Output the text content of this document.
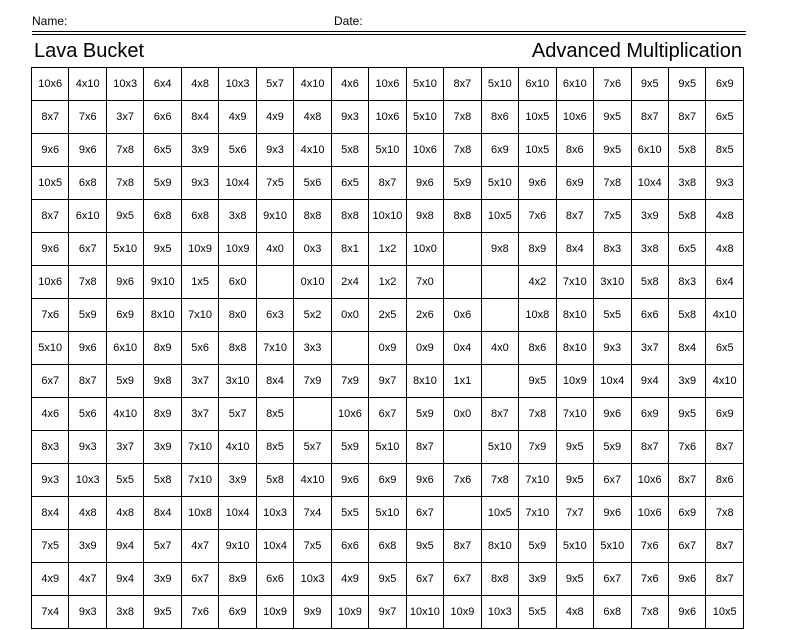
Name:	Date:
Lava Bucket	Advanced Multiplication
10x6	4x10	10x3	6x4	4x8	10x3	5x7	4x10	4x6	10x6	5x10	8x7	5x10	6x10	6x10	7x6	9x5	9x5	6x9
8x7	7x6	3x7	6x6	8x4	4x9	4x9	4x8	9x3	10x6	5x10	7x8	8x6	10x5	10x6	9x5	8x7	8x7	6x5
9x6	9x6	7x8	6x5	3x9	5x6	9x3	4x10	5x8	5x10	10x6	7x8	6x9	10x5	8x6	9x5	6x10	5x8	8x5
10x5	6x8	7x8	5x9	9x3	10x4	7x5	5x6	6x5	8x7	9x6	5x9	5x10	9x6	6x9	7x8	10x4	3x8	9x3
8x7	6x10	9x5	6x8	6x8	3x8	9x10	8x8	8x8	10x10	9x8	8x8	10x5	7x6	8x7	7x5	3x9	5x8	4x8
9x6	6x7	5x10	9x5	10x9	10x9	4x0	0x3	8x1	1x2	10x0		9x8	8x9	8x4	8x3	3x8	6x5	4x8
10x6	7x8	9x6	9x10	1x5	6x0		0x10	2x4	1x2	7x0			4x2	7x10	3x10	5x8	8x3	6x4
7x6	5x9	6x9	8x10	7x10	8x0	6x3	5x2	0x0	2x5	2x6	0x6		10x8	8x10	5x5	6x6	5x8	4x10
5x10	9x6	6x10	8x9	5x6	8x8	7x10	3x3		0x9	0x9	0x4	4x0	8x6	8x10	9x3	3x7	8x4	6x5
6x7	8x7	5x9	9x8	3x7	3x10	8x4	7x9	7x9	9x7	8x10	1x1		9x5	10x9	10x4	9x4	3x9	4x10
4x6	5x6	4x10	8x9	3x7	5x7	8x5		10x6	6x7	5x9	0x0	8x7	7x8	7x10	9x6	6x9	9x5	6x9
8x3	9x3	3x7	3x9	7x10	4x10	8x5	5x7	5x9	5x10	8x7		5x10	7x9	9x5	5x9	8x7	7x6	8x7
9x3	10x3	5x5	5x8	7x10	3x9	5x8	4x10	9x6	6x9	9x6	7x6	7x8	7x10	9x5	6x7	10x6	8x7	8x6
8x4	4x8	4x8	8x4	10x8	10x4	10x3	7x4	5x5	5x10	6x7		10x5	7x10	7x7	9x6	10x6	6x9	7x8
7x5	3x9	9x4	5x7	4x7	9x10	10x4	7x5	6x6	6x8	9x5	8x7	8x10	5x9	5x10	5x10	7x6	6x7	8x7
4x9	4x7	9x4	3x9	6x7	8x9	6x6	10x3	4x9	9x5	6x7	6x7	8x8	3x9	9x5	6x7	7x6	9x6	8x7
7x4	9x3	3x8	9x5	7x6	6x9	10x9	9x9	10x9	9x7	10x10	10x9	10x3	5x5	4x8	6x8	7x8	9x6	10x5
